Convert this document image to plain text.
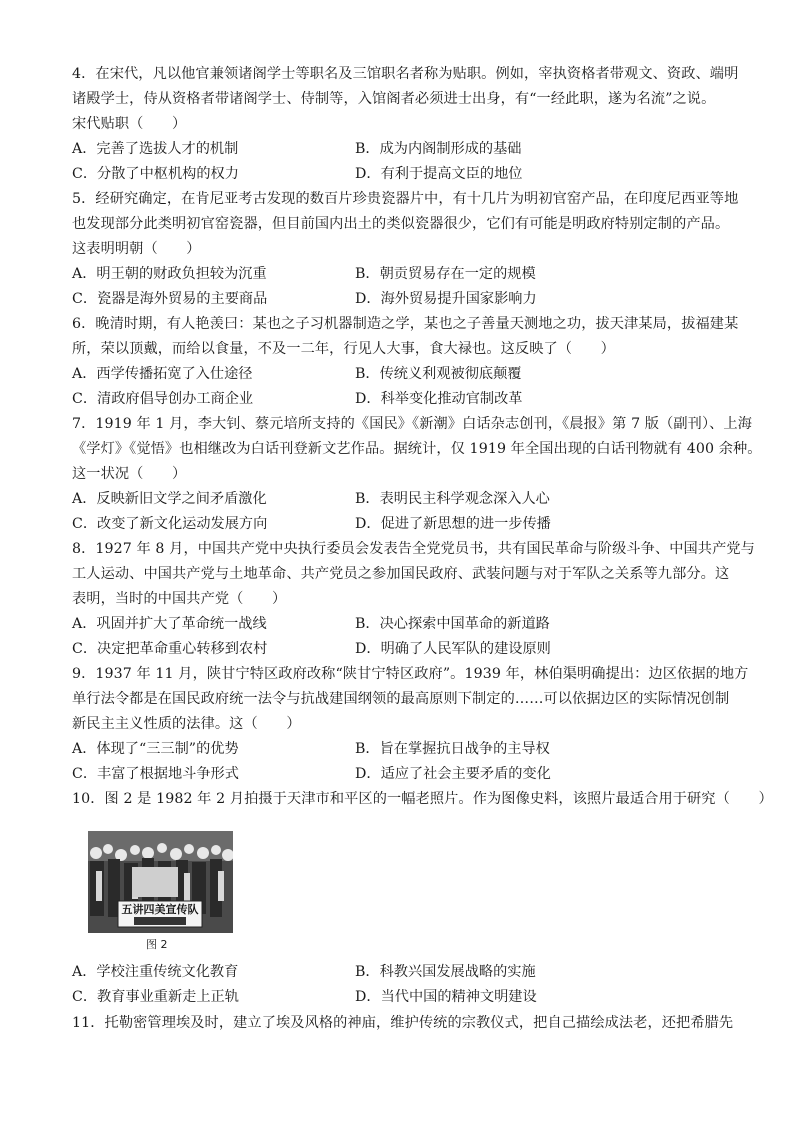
4．在宋代，凡以他官兼领诸阁学士等职名及三馆职名者称为贴职。例如，宰执资格者带观文、资政、端明

诸殿学士，侍从资格者带诸阁学士、侍制等，入馆阁者必须进士出身，有“一经此职，遂为名流”之说。

宋代贴职（　　）

A．完善了选拔人才的机制	B．成为内阁制形成的基础
C．分散了中枢机构的权力	D．有利于提高文臣的地位

5．经研究确定，在肯尼亚考古发现的数百片珍贵瓷器片中，有十几片为明初官窑产品，在印度尼西亚等地

也发现部分此类明初官窑瓷器，但目前国内出土的类似瓷器很少，它们有可能是明政府特别定制的产品。

这表明明朝（　　）

A．明王朝的财政负担较为沉重	B．朝贡贸易存在一定的规模
C．瓷器是海外贸易的主要商品	D．海外贸易提升国家影响力

6．晚清时期，有人艳羡曰：某也之子习机器制造之学，某也之子善量天测地之功，拔天津某局，拔福建某

所，荣以顶戴，而给以食量，不及一二年，行见人大事，食大禄也。这反映了（　　）

A．西学传播拓宽了入仕途径	B．传统义利观被彻底颠覆
C．清政府倡导创办工商企业	D．科举变化推动官制改革

7．1919 年 1 月，李大钊、蔡元培所支持的《国民》《新潮》白话杂志创刊，《晨报》第 7 版（副刊）、上海

《学灯》《觉悟》也相继改为白话刊登新文艺作品。据统计，仅 1919 年全国出现的白话刊物就有 400 余种。

这一状况（　　）

A．反映新旧文学之间矛盾激化	B．表明民主科学观念深入人心
C．改变了新文化运动发展方向	D．促进了新思想的进一步传播

8．1927 年 8 月，中国共产党中央执行委员会发表告全党党员书，共有国民革命与阶级斗争、中国共产党与

工人运动、中国共产党与土地革命、共产党员之参加国民政府、武装问题与对于军队之关系等九部分。这

表明，当时的中国共产党（　　）

A．巩固并扩大了革命统一战线	B．决心探索中国革命的新道路
C．决定把革命重心转移到农村	D．明确了人民军队的建设原则

9．1937 年 11 月，陕甘宁特区政府改称“陕甘宁特区政府”。1939 年，林伯渠明确提出：边区依据的地方

单行法令都是在国民政府统一法令与抗战建国纲领的最高原则下制定的……可以依据边区的实际情况创制

新民主主义性质的法律。这（　　）

A．体现了“三三制”的优势	B．旨在掌握抗日战争的主导权
C．丰富了根据地斗争形式	D．适应了社会主要矛盾的变化

10．图 2 是 1982 年 2 月拍摄于天津市和平区的一幅老照片。作为图像史料，该照片最适合用于研究（　　）

五讲四美宣传队
图 2
A．学校注重传统文化教育	B．科教兴国发展战略的实施
C．教育事业重新走上正轨	D．当代中国的精神文明建设

11．托勒密管理埃及时，建立了埃及风格的神庙，维护传统的宗教仪式，把自己描绘成法老，还把希腊先
